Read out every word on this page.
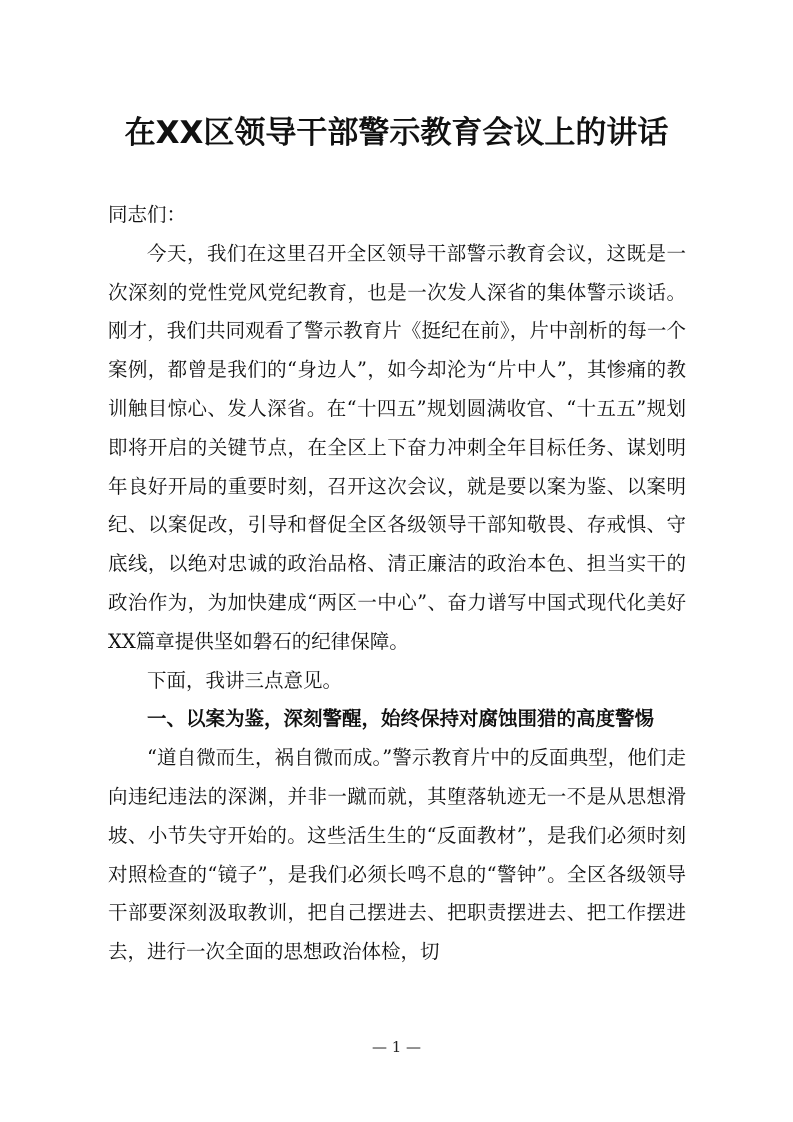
在XX区领导干部警示教育会议上的讲话

同志们：

今天，我们在这里召开全区领导干部警示教育会议，这既是一次深刻的党性党风党纪教育，也是一次发人深省的集体警示谈话。刚才，我们共同观看了警示教育片《挺纪在前》，片中剖析的每一个案例，都曾是我们的“身边人”，如今却沦为“片中人”，其惨痛的教训触目惊心、发人深省。在“十四五”规划圆满收官、“十五五”规划即将开启的关键节点，在全区上下奋力冲刺全年目标任务、谋划明年良好开局的重要时刻，召开这次会议，就是要以案为鉴、以案明纪、以案促改，引导和督促全区各级领导干部知敬畏、存戒惧、守底线，以绝对忠诚的政治品格、清正廉洁的政治本色、担当实干的政治作为，为加快建成“两区一中心”、奋力谱写中国式现代化美好XX篇章提供坚如磐石的纪律保障。

下面，我讲三点意见。

一、以案为鉴，深刻警醒，始终保持对腐蚀围猎的高度警惕

“道自微而生，祸自微而成。”警示教育片中的反面典型，他们走向违纪违法的深渊，并非一蹴而就，其堕落轨迹无一不是从思想滑坡、小节失守开始的。这些活生生的“反面教材”，是我们必须时刻对照检查的“镜子”，是我们必须长鸣不息的“警钟”。全区各级领导干部要深刻汲取教训，把自己摆进去、把职责摆进去、把工作摆进去，进行一次全面的思想政治体检，切

— 1 —
